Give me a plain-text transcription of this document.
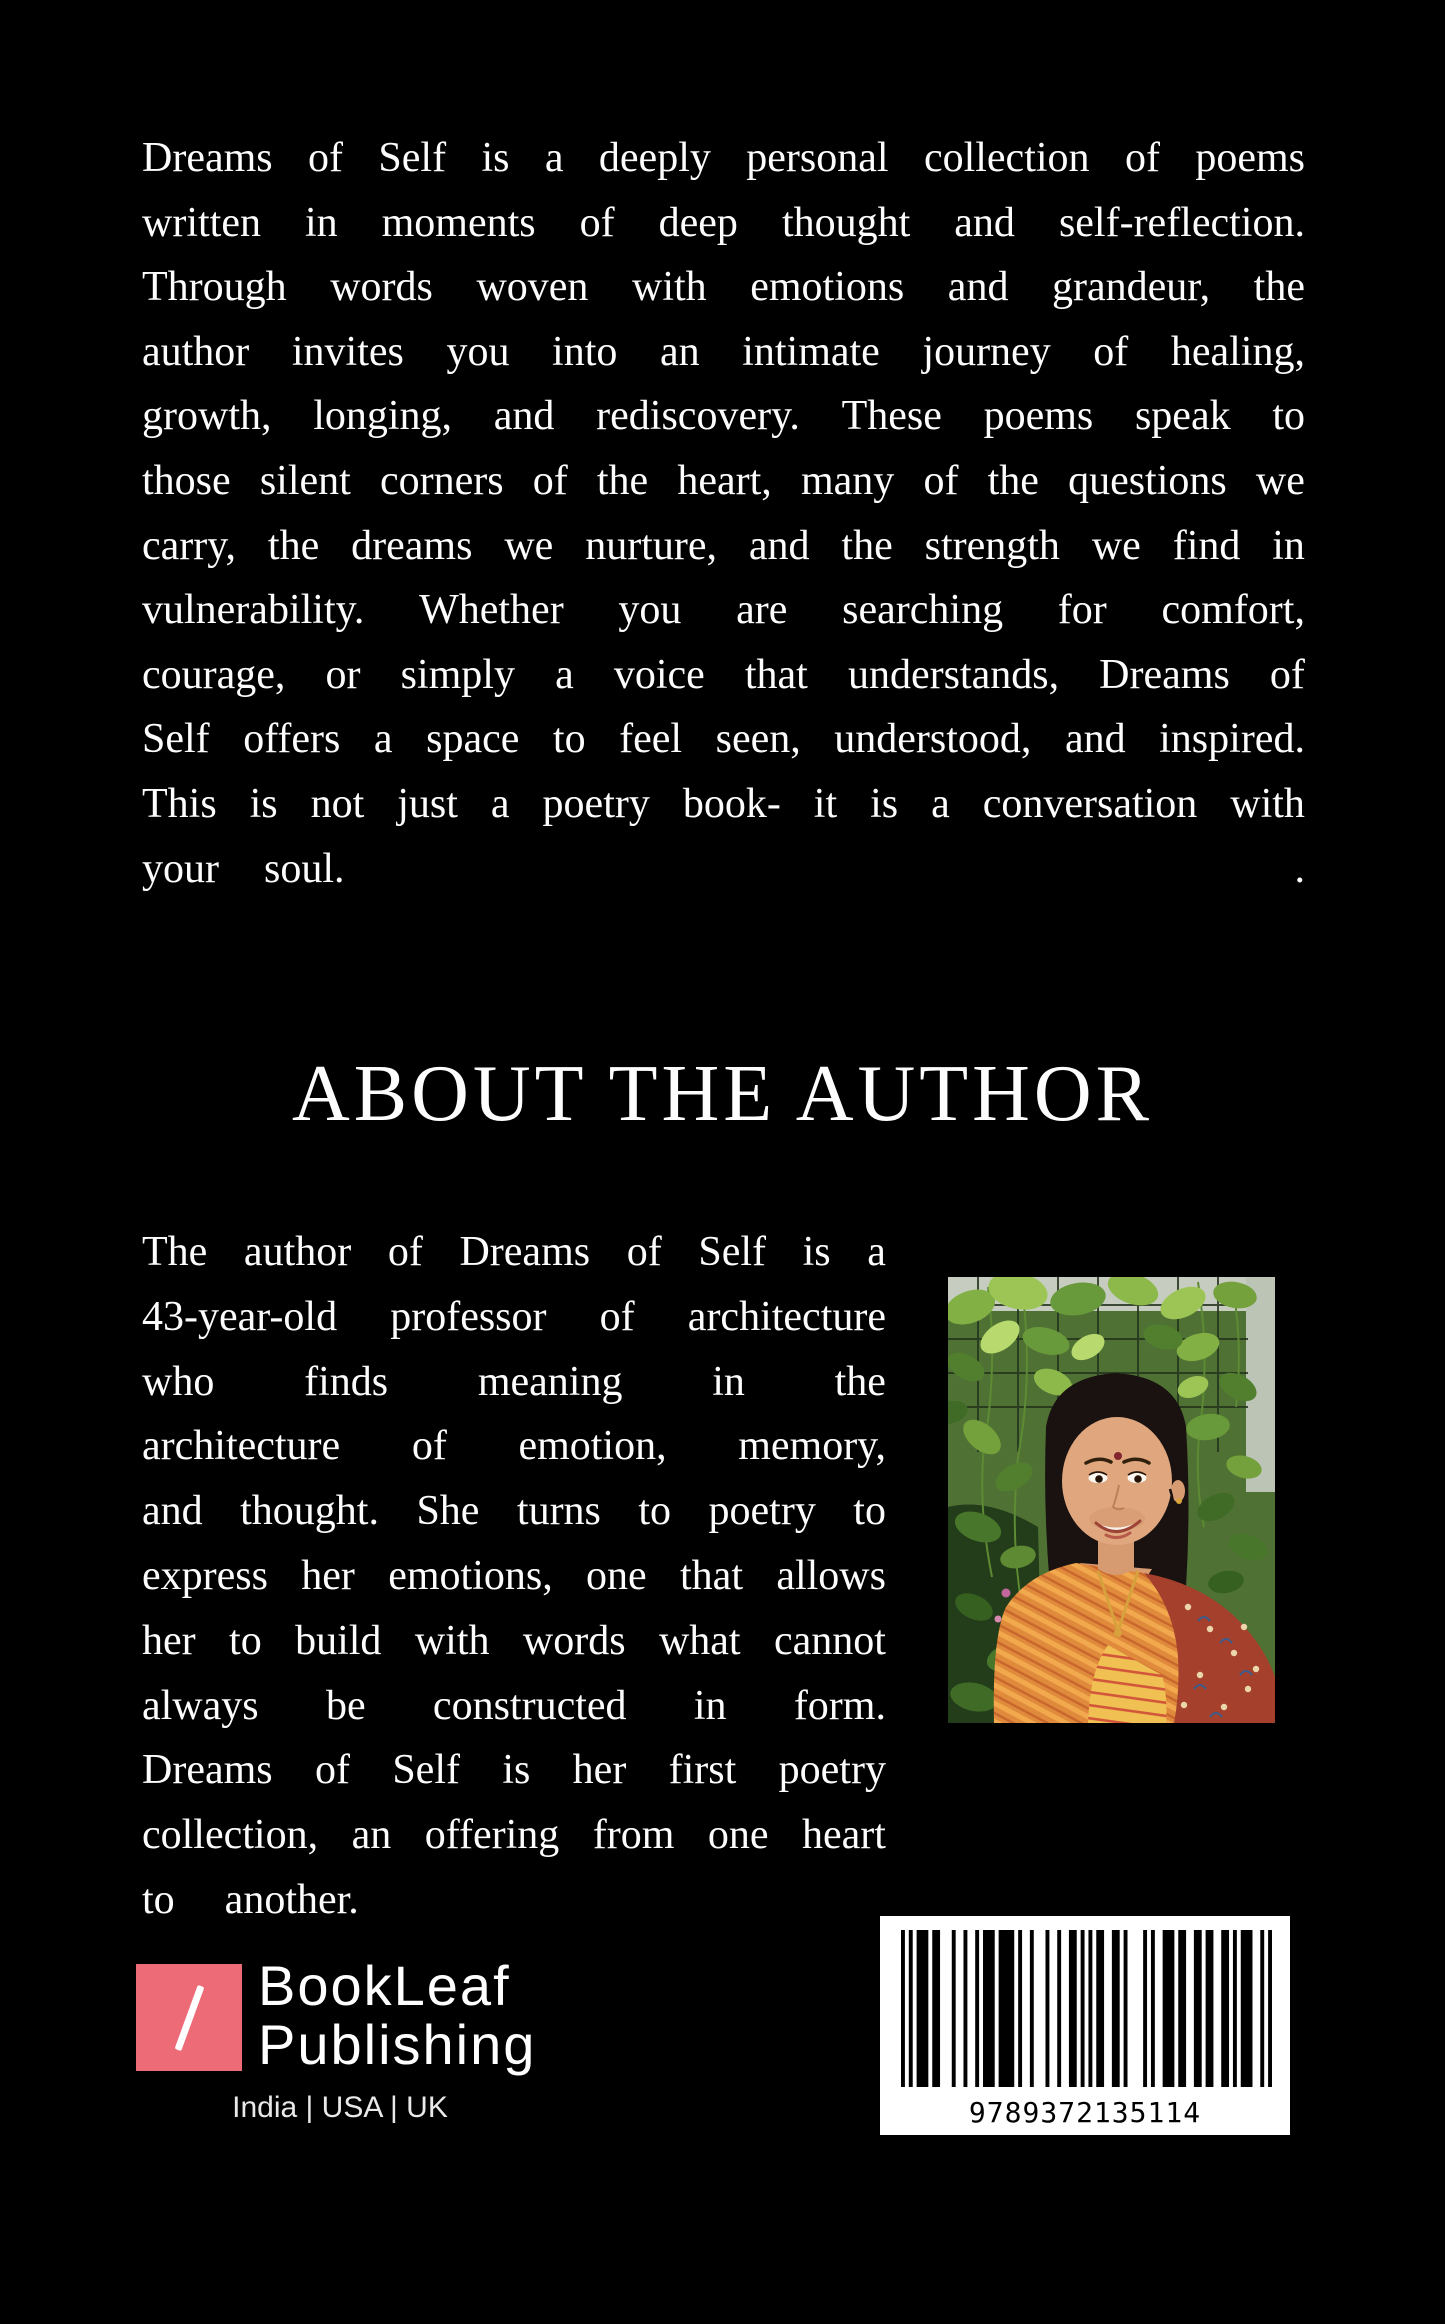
Dreams of Self is a deeply personal collection of poems
written in moments of deep thought and self-reflection.
Through words woven with emotions and grandeur, the
author invites you into an intimate journey of healing,
growth, longing, and rediscovery. These poems speak to
those silent corners of the heart, many of the questions we
carry, the dreams we nurture, and the strength we find in
vulnerability. Whether you are searching for comfort,
courage, or simply a voice that understands, Dreams of
Self offers a space to feel seen, understood, and inspired.
This is not just a poetry book- it is a conversation with
your soul.	.
ABOUT THE AUTHOR
The author of Dreams of Self is a
43-year-old professor of architecture
who finds meaning in the
architecture of emotion, memory,
and thought. She turns to poetry to
express her emotions, one that allows
her to build with words what cannot
always be constructed in form.
Dreams of Self is her first poetry
collection, an offering from one heart
to another.
BookLeaf
Publishing
India | USA | UK	9789372135114
